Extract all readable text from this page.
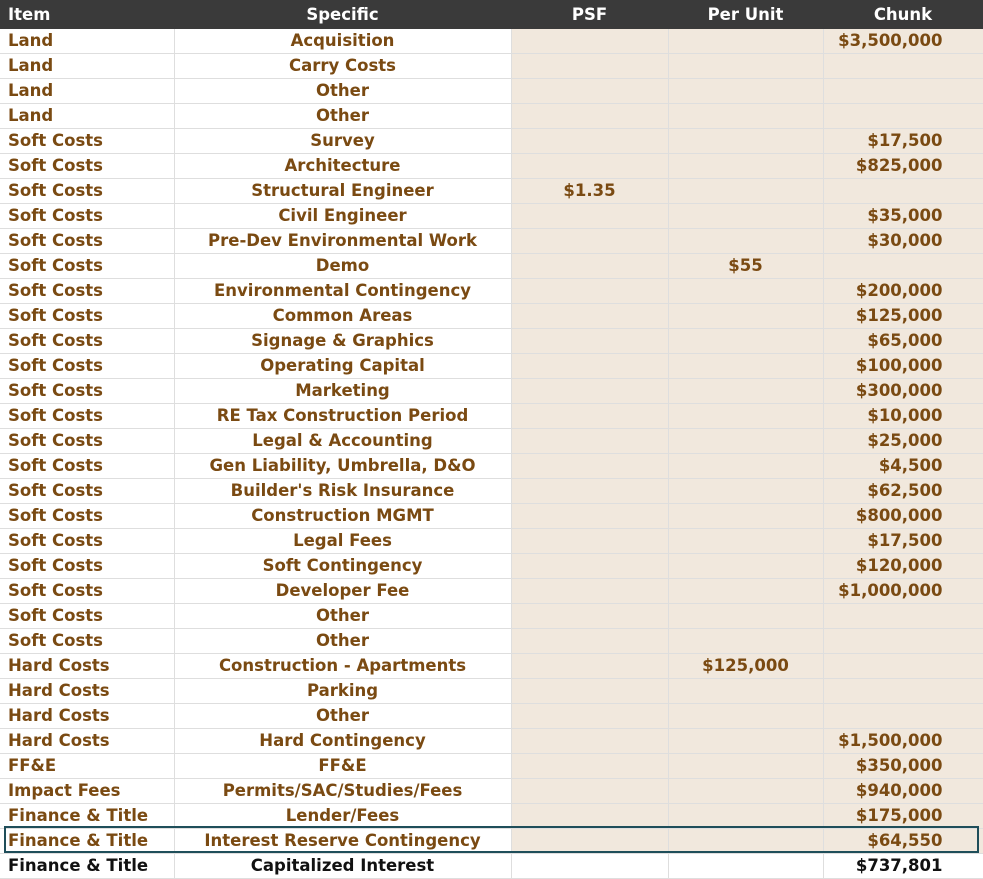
Item	Specific	PSF	Per Unit	Chunk
Land	Acquisition			$3,500,000
Land	Carry Costs			
Land	Other			
Land	Other			
Soft Costs	Survey			$17,500
Soft Costs	Architecture			$825,000
Soft Costs	Structural Engineer	$1.35		
Soft Costs	Civil Engineer			$35,000
Soft Costs	Pre-Dev Environmental Work			$30,000
Soft Costs	Demo		$55	
Soft Costs	Environmental Contingency			$200,000
Soft Costs	Common Areas			$125,000
Soft Costs	Signage & Graphics			$65,000
Soft Costs	Operating Capital			$100,000
Soft Costs	Marketing			$300,000
Soft Costs	RE Tax Construction Period			$10,000
Soft Costs	Legal & Accounting			$25,000
Soft Costs	Gen Liability, Umbrella, D&O			$4,500
Soft Costs	Builder's Risk Insurance			$62,500
Soft Costs	Construction MGMT			$800,000
Soft Costs	Legal Fees			$17,500
Soft Costs	Soft Contingency			$120,000
Soft Costs	Developer Fee			$1,000,000
Soft Costs	Other			
Soft Costs	Other			
Hard Costs	Construction - Apartments		$125,000	
Hard Costs	Parking			
Hard Costs	Other			
Hard Costs	Hard Contingency			$1,500,000
FF&E	FF&E			$350,000
Impact Fees	Permits/SAC/Studies/Fees			$940,000
Finance & Title	Lender/Fees			$175,000
Finance & Title	Interest Reserve Contingency			$64,550
Finance & Title	Capitalized Interest			$737,801
